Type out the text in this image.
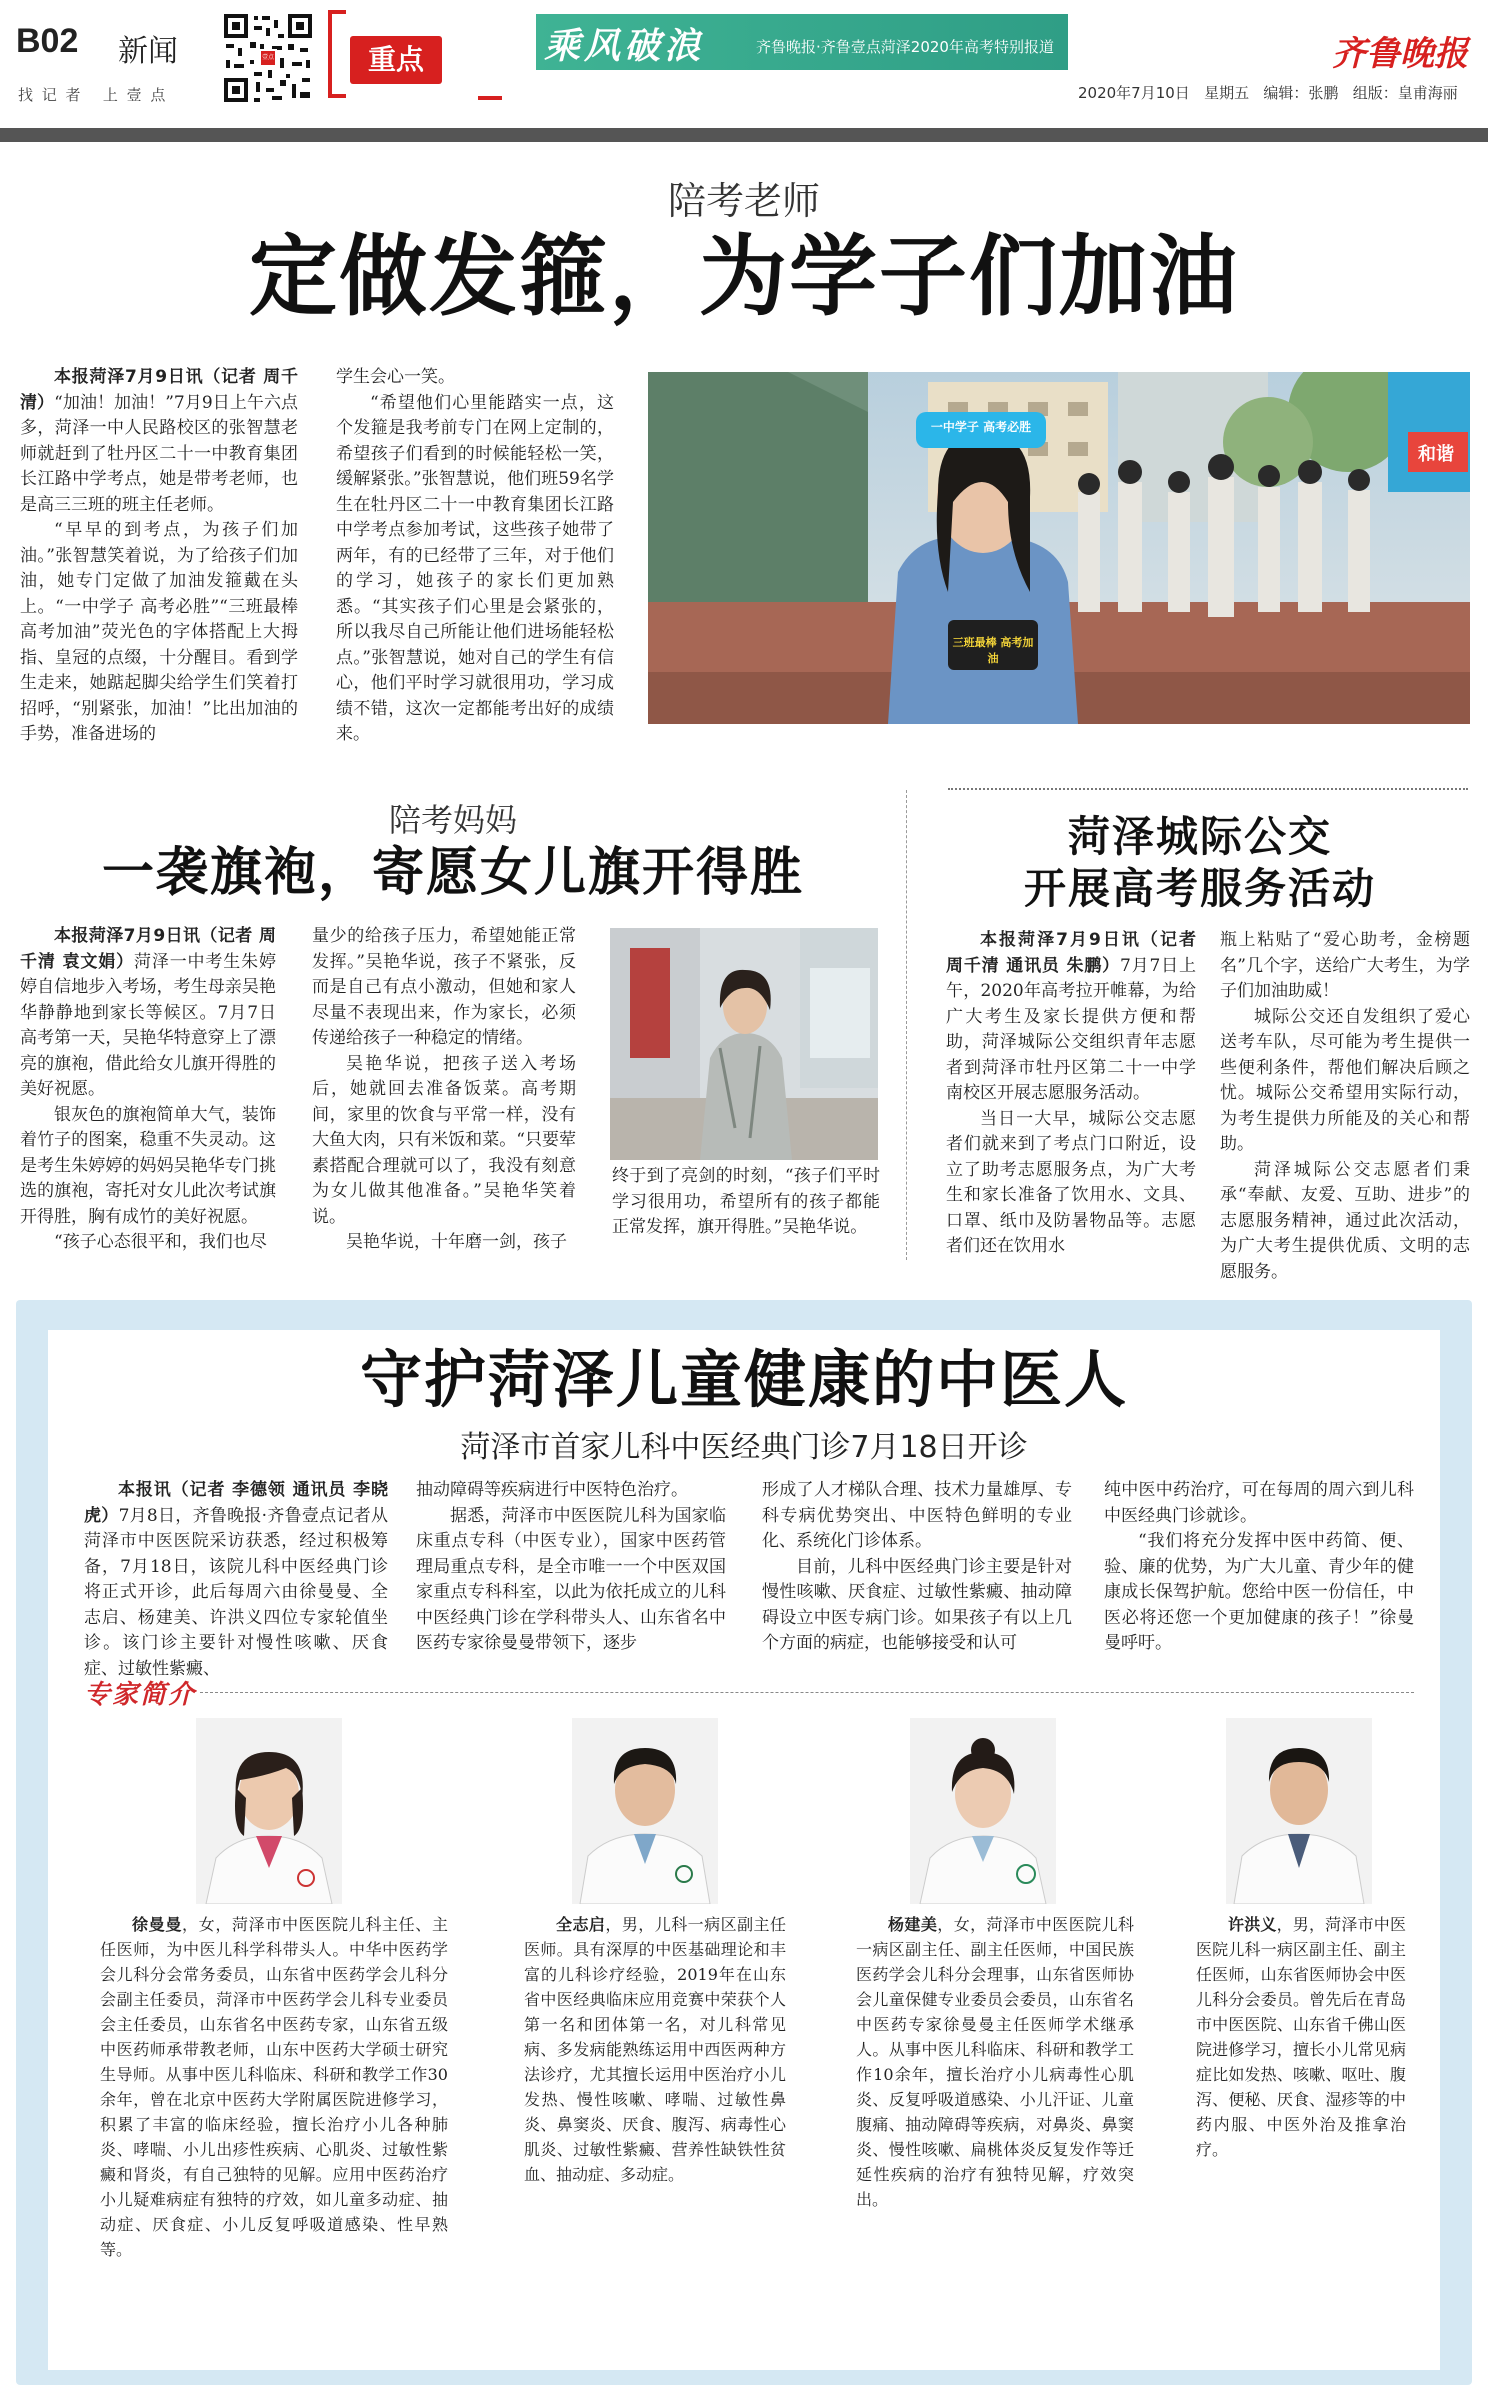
B02 新闻
找 记 者   上 壹 点
壹点	重点	乘风破浪	齐鲁晚报·齐鲁壹点菏泽2020年高考特别报道	齐鲁晚报
2020年7月10日   星期五   编辑：张鹏   组版：皇甫海丽
陪考老师
定做发箍，为学子们加油

本报菏泽7月9日讯（记者 周千清）“加油！加油！”7月9日上午六点多，菏泽一中人民路校区的张智慧老师就赶到了牡丹区二十一中教育集团长江路中学考点，她是带考老师，也是高三三班的班主任老师。

“早早的到考点，为孩子们加油。”张智慧笑着说，为了给孩子们加油，她专门定做了加油发箍戴在头上。“一中学子 高考必胜”“三班最棒 高考加油”荧光色的字体搭配上大拇指、皇冠的点缀，十分醒目。看到学生走来，她踮起脚尖给学生们笑着打招呼，“别紧张，加油！”比出加油的手势，准备进场的

学生会心一笑。

“希望他们心里能踏实一点，这个发箍是我考前专门在网上定制的，希望孩子们看到的时候能轻松一笑，缓解紧张。”张智慧说，他们班59名学生在牡丹区二十一中教育集团长江路中学考点参加考试，这些孩子她带了两年，有的已经带了三年，对于他们的学习，她孩子的家长们更加熟悉。“其实孩子们心里是会紧张的，所以我尽自己所能让他们进场能轻松点。”张智慧说，她对自己的学生有信心，他们平时学习就很用功，学习成绩不错，这次一定都能考出好的成绩来。

一中学子 高考必胜
三班最棒 高考加油
和谐
陪考妈妈
一袭旗袍，寄愿女儿旗开得胜

本报菏泽7月9日讯（记者 周千清 袁文娟）菏泽一中考生朱婷婷自信地步入考场，考生母亲吴艳华静静地到家长等候区。7月7日高考第一天，吴艳华特意穿上了漂亮的旗袍，借此给女儿旗开得胜的美好祝愿。

银灰色的旗袍简单大气，装饰着竹子的图案，稳重不失灵动。这是考生朱婷婷的妈妈吴艳华专门挑选的旗袍，寄托对女儿此次考试旗开得胜，胸有成竹的美好祝愿。

“孩子心态很平和，我们也尽

量少的给孩子压力，希望她能正常发挥。”吴艳华说，孩子不紧张，反而是自己有点小激动，但她和家人尽量不表现出来，作为家长，必须传递给孩子一种稳定的情绪。

吴艳华说，把孩子送入考场后，她就回去准备饭菜。高考期间，家里的饮食与平常一样，没有大鱼大肉，只有米饭和菜。“只要荤素搭配合理就可以了，我没有刻意为女儿做其他准备。”吴艳华笑着说。

吴艳华说，十年磨一剑，孩子

终于到了亮剑的时刻，“孩子们平时学习很用功，希望所有的孩子都能正常发挥，旗开得胜。”吴艳华说。

菏泽城际公交
开展高考服务活动

本报菏泽7月9日讯（记者 周千清 通讯员 朱鹏）7月7日上午，2020年高考拉开帷幕，为给广大考生及家长提供方便和帮助，菏泽城际公交组织青年志愿者到菏泽市牡丹区第二十一中学南校区开展志愿服务活动。

当日一大早，城际公交志愿者们就来到了考点门口附近，设立了助考志愿服务点，为广大考生和家长准备了饮用水、文具、口罩、纸巾及防暑物品等。志愿者们还在饮用水

瓶上粘贴了“爱心助考，金榜题名”几个字，送给广大考生，为学子们加油助威！

城际公交还自发组织了爱心送考车队，尽可能为考生提供一些便利条件，帮他们解决后顾之忧。城际公交希望用实际行动，为考生提供力所能及的关心和帮助。

菏泽城际公交志愿者们秉承“奉献、友爱、互助、进步”的志愿服务精神，通过此次活动，为广大考生提供优质、文明的志愿服务。

守护菏泽儿童健康的中医人
菏泽市首家儿科中医经典门诊7月18日开诊

本报讯（记者 李德领 通讯员 李晓虎）7月8日，齐鲁晚报·齐鲁壹点记者从菏泽市中医医院采访获悉，经过积极筹备，7月18日，该院儿科中医经典门诊将正式开诊，此后每周六由徐曼曼、全志启、杨建美、许洪义四位专家轮值坐诊。该门诊主要针对慢性咳嗽、厌食症、过敏性紫癜、

抽动障碍等疾病进行中医特色治疗。

据悉，菏泽市中医医院儿科为国家临床重点专科（中医专业），国家中医药管理局重点专科，是全市唯一一个中医双国家重点专科科室，以此为依托成立的儿科中医经典门诊在学科带头人、山东省名中医药专家徐曼曼带领下，逐步

形成了人才梯队合理、技术力量雄厚、专科专病优势突出、中医特色鲜明的专业化、系统化门诊体系。

目前，儿科中医经典门诊主要是针对慢性咳嗽、厌食症、过敏性紫癜、抽动障碍设立中医专病门诊。如果孩子有以上几个方面的病症，也能够接受和认可

纯中医中药治疗，可在每周的周六到儿科中医经典门诊就诊。

“我们将充分发挥中医中药简、便、验、廉的优势，为广大儿童、青少年的健康成长保驾护航。您给中医一份信任，中医必将还您一个更加健康的孩子！”徐曼曼呼吁。

专家简介

徐曼曼，女，菏泽市中医医院儿科主任、主任医师，为中医儿科学科带头人。中华中医药学会儿科分会常务委员，山东省中医药学会儿科分会副主任委员，菏泽市中医药学会儿科专业委员会主任委员，山东省名中医药专家，山东省五级中医药师承带教老师，山东中医药大学硕士研究生导师。从事中医儿科临床、科研和教学工作30余年，曾在北京中医药大学附属医院进修学习，积累了丰富的临床经验，擅长治疗小儿各种肺炎、哮喘、小儿出疹性疾病、心肌炎、过敏性紫癜和肾炎，有自己独特的见解。应用中医药治疗小儿疑难病症有独特的疗效，如儿童多动症、抽动症、厌食症、小儿反复呼吸道感染、性早熟等。

全志启，男，儿科一病区副主任医师。具有深厚的中医基础理论和丰富的儿科诊疗经验，2019年在山东省中医经典临床应用竞赛中荣获个人第一名和团体第一名，对儿科常见病、多发病能熟练运用中西医两种方法诊疗，尤其擅长运用中医治疗小儿发热、慢性咳嗽、哮喘、过敏性鼻炎、鼻窦炎、厌食、腹泻、病毒性心肌炎、过敏性紫癜、营养性缺铁性贫血、抽动症、多动症。

杨建美，女，菏泽市中医医院儿科一病区副主任、副主任医师，中国民族医药学会儿科分会理事，山东省医师协会儿童保健专业委员会委员，山东省名中医药专家徐曼曼主任医师学术继承人。从事中医儿科临床、科研和教学工作10余年，擅长治疗小儿病毒性心肌炎、反复呼吸道感染、小儿汗证、儿童腹痛、抽动障碍等疾病，对鼻炎、鼻窦炎、慢性咳嗽、扁桃体炎反复发作等迁延性疾病的治疗有独特见解，疗效突出。

许洪义，男，菏泽市中医医院儿科一病区副主任、副主任医师，山东省医师协会中医儿科分会委员。曾先后在青岛市中医医院、山东省千佛山医院进修学习，擅长小儿常见病症比如发热、咳嗽、呕吐、腹泻、便秘、厌食、湿疹等的中药内服、中医外治及推拿治疗。
